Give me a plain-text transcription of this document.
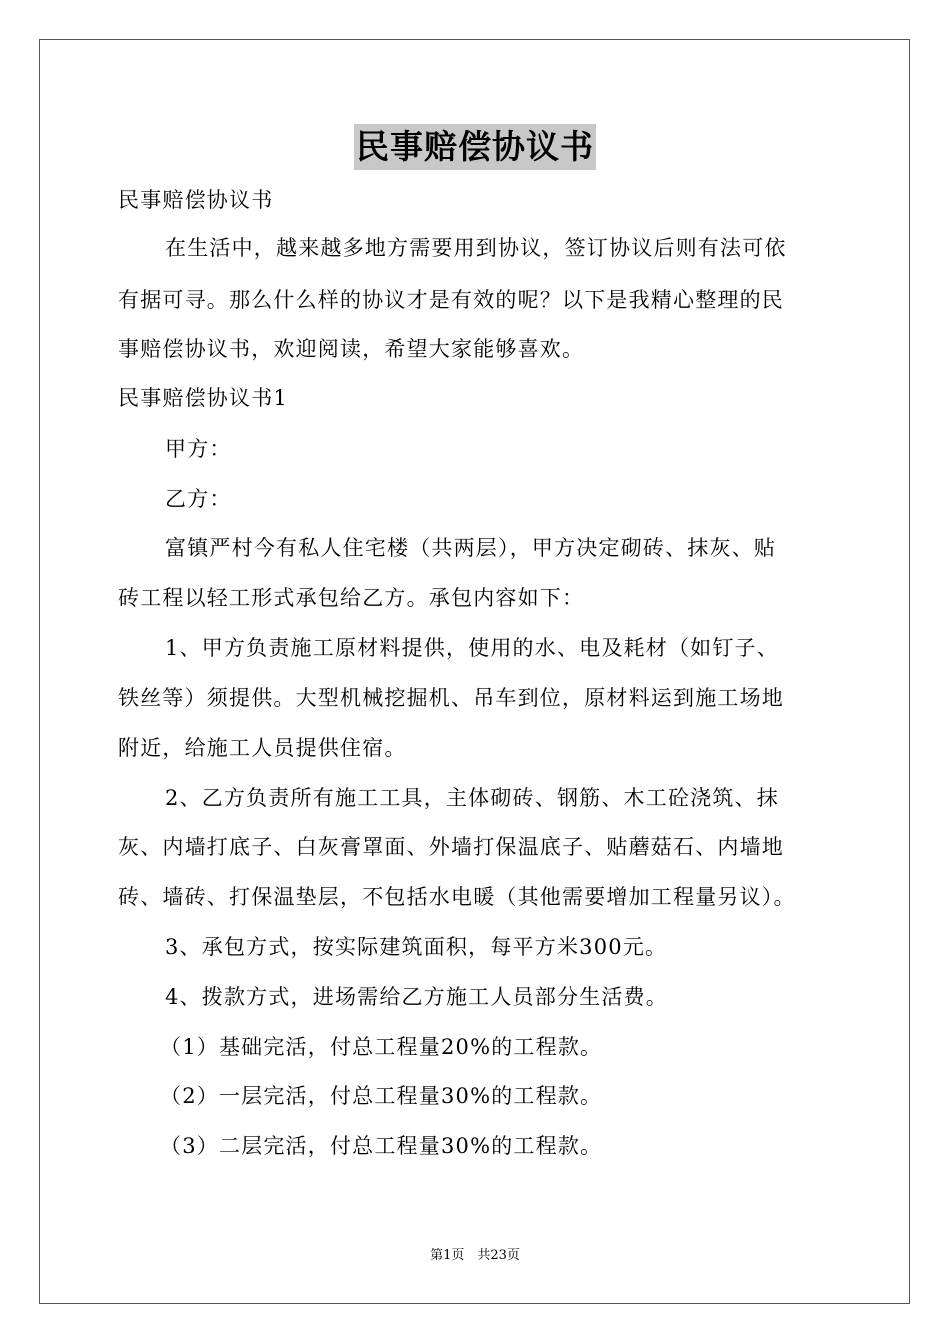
民事赔偿协议书
民事赔偿协议书
在生活中，越来越多地方需要用到协议，签订协议后则有法可依
有据可寻。那么什么样的协议才是有效的呢？以下是我精心整理的民
事赔偿协议书，欢迎阅读，希望大家能够喜欢。
民事赔偿协议书1
甲方：
乙方：
富镇严村今有私人住宅楼（共两层），甲方决定砌砖、抹灰、贴
砖工程以轻工形式承包给乙方。承包内容如下：
1、甲方负责施工原材料提供，使用的水、电及耗材（如钉子、
铁丝等）须提供。大型机械挖掘机、吊车到位，原材料运到施工场地
附近，给施工人员提供住宿。
2、乙方负责所有施工工具，主体砌砖、钢筋、木工砼浇筑、抹
灰、内墙打底子、白灰膏罩面、外墙打保温底子、贴蘑菇石、内墙地
砖、墙砖、打保温垫层，不包括水电暖（其他需要增加工程量另议）。
3、承包方式，按实际建筑面积，每平方米300元。
4、拨款方式，进场需给乙方施工人员部分生活费。
（1）基础完活，付总工程量20%的工程款。
（2）一层完活，付总工程量30%的工程款。
（3）二层完活，付总工程量30%的工程款。
第1页　共23页
